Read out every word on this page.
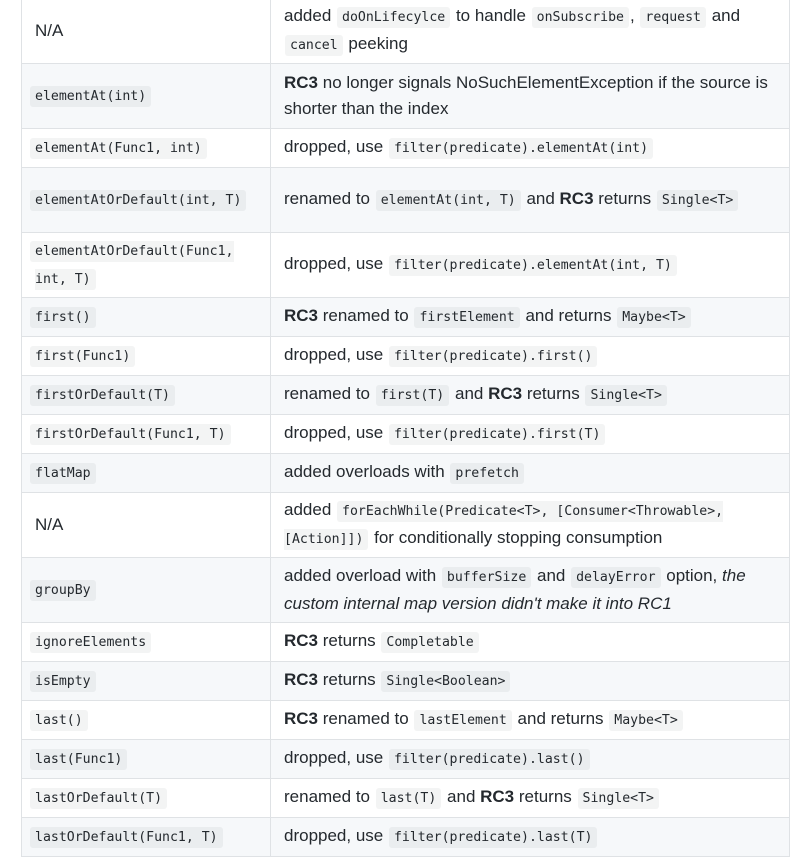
N/A	added doOnLifecylce to handle onSubscribe , request and cancel peeking
elementAt(int)	RC3 no longer signals NoSuchElementException if the source is shorter than the index
elementAt(Func1, int)	dropped, use filter(predicate).elementAt(int)
elementAtOrDefault(int, T)	renamed to elementAt(int, T) and RC3 returns Single<T>
elementAtOrDefault(Func1, int, T)	dropped, use filter(predicate).elementAt(int, T)
first()	RC3 renamed to firstElement and returns Maybe<T>
first(Func1)	dropped, use filter(predicate).first()
firstOrDefault(T)	renamed to first(T) and RC3 returns Single<T>
firstOrDefault(Func1, T)	dropped, use filter(predicate).first(T)
flatMap	added overloads with prefetch
N/A	added forEachWhile(Predicate<T>, [Consumer<Throwable>, [Action]]) for conditionally stopping consumption
groupBy	added overload with bufferSize and delayError option, the custom internal map version didn't make it into RC1
ignoreElements	RC3 returns Completable
isEmpty	RC3 returns Single<Boolean>
last()	RC3 renamed to lastElement and returns Maybe<T>
last(Func1)	dropped, use filter(predicate).last()
lastOrDefault(T)	renamed to last(T) and RC3 returns Single<T>
lastOrDefault(Func1, T)	dropped, use filter(predicate).last(T)
